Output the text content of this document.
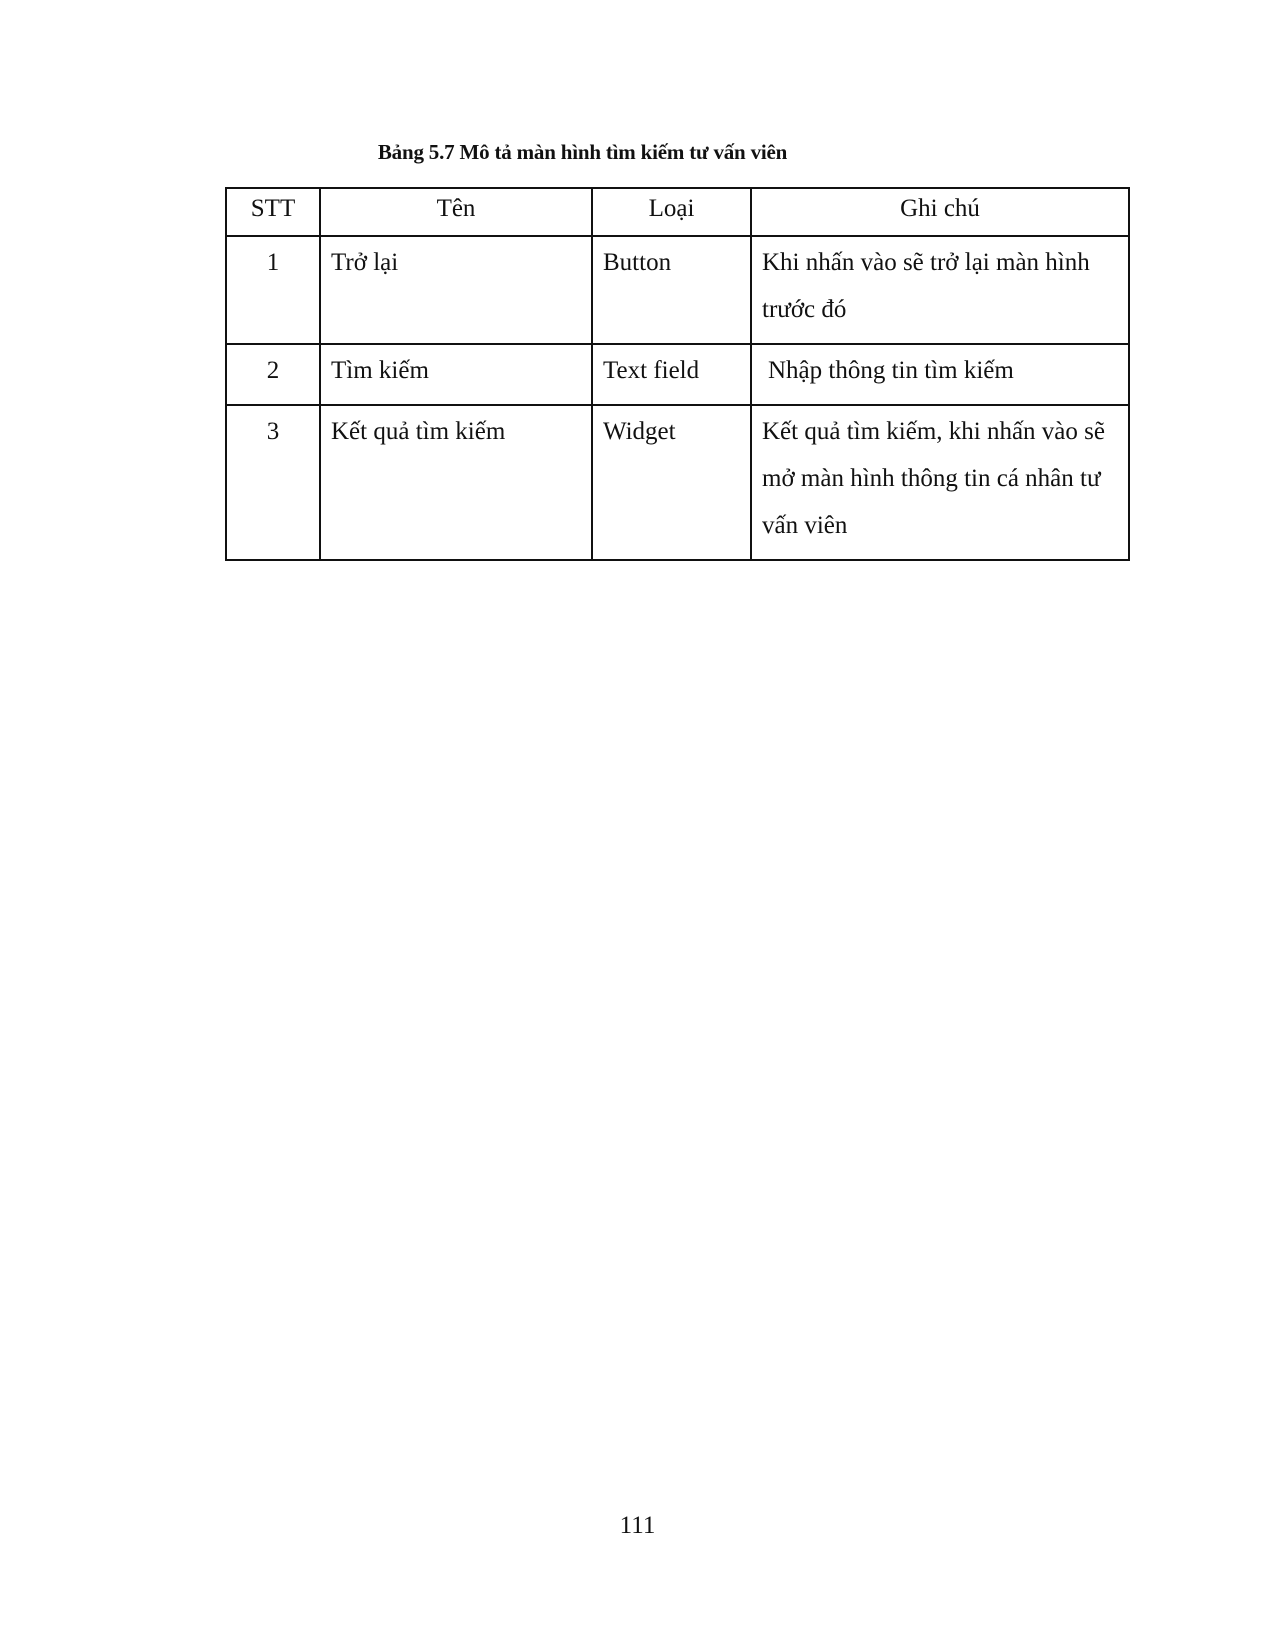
Bảng 5.7 Mô tả màn hình tìm kiếm tư vấn viên
STT	Tên	Loại	Ghi chú
1	Trở lại	Button	Khi nhấn vào sẽ trở lại màn hình trước đó
2	Tìm kiếm	Text field	Nhập thông tin tìm kiếm
3	Kết quả tìm kiếm	Widget	Kết quả tìm kiếm, khi nhấn vào sẽ mở màn hình thông tin cá nhân tư vấn viên
111
